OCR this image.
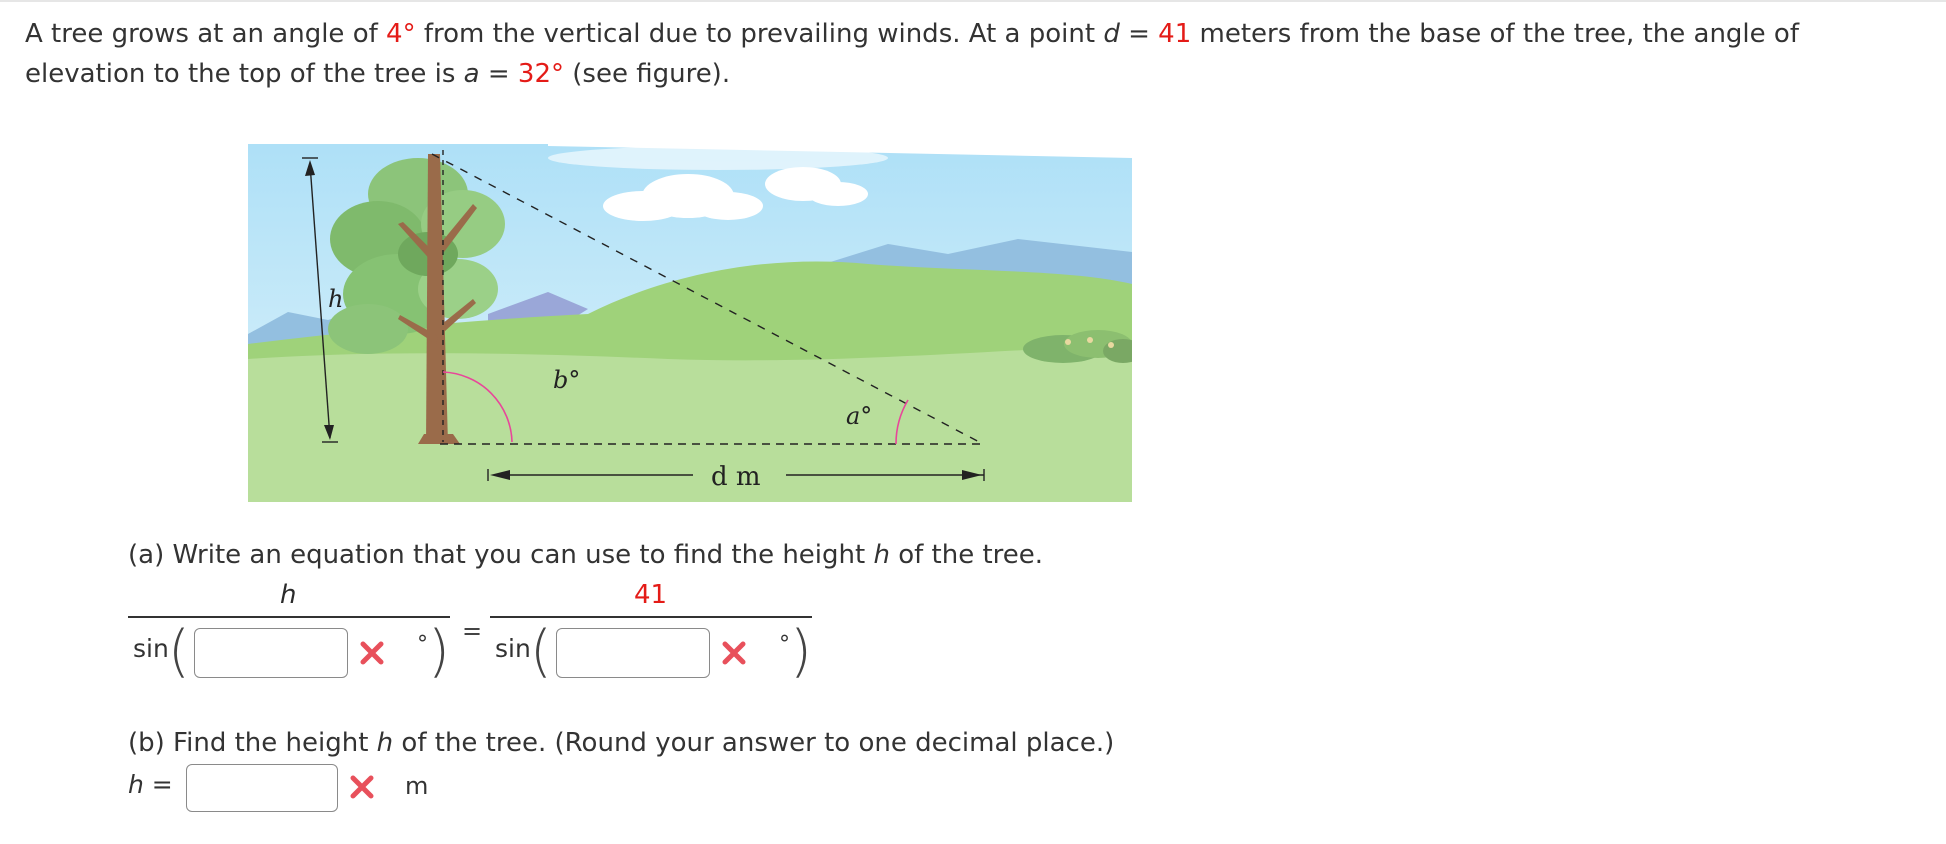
A tree grows at an angle of 4° from the vertical due to prevailing winds. At a point d = 41 meters from the base of the tree, the angle of
elevation to the top of the tree is a = 32° (see figure).
h
b°
a°
d m
(a) Write an equation that you can use to find the height h of the tree.
h
sin (	° ) =
41
sin (	° )
(b) Find the height h of the tree. (Round your answer to one decimal place.)
h =	m
